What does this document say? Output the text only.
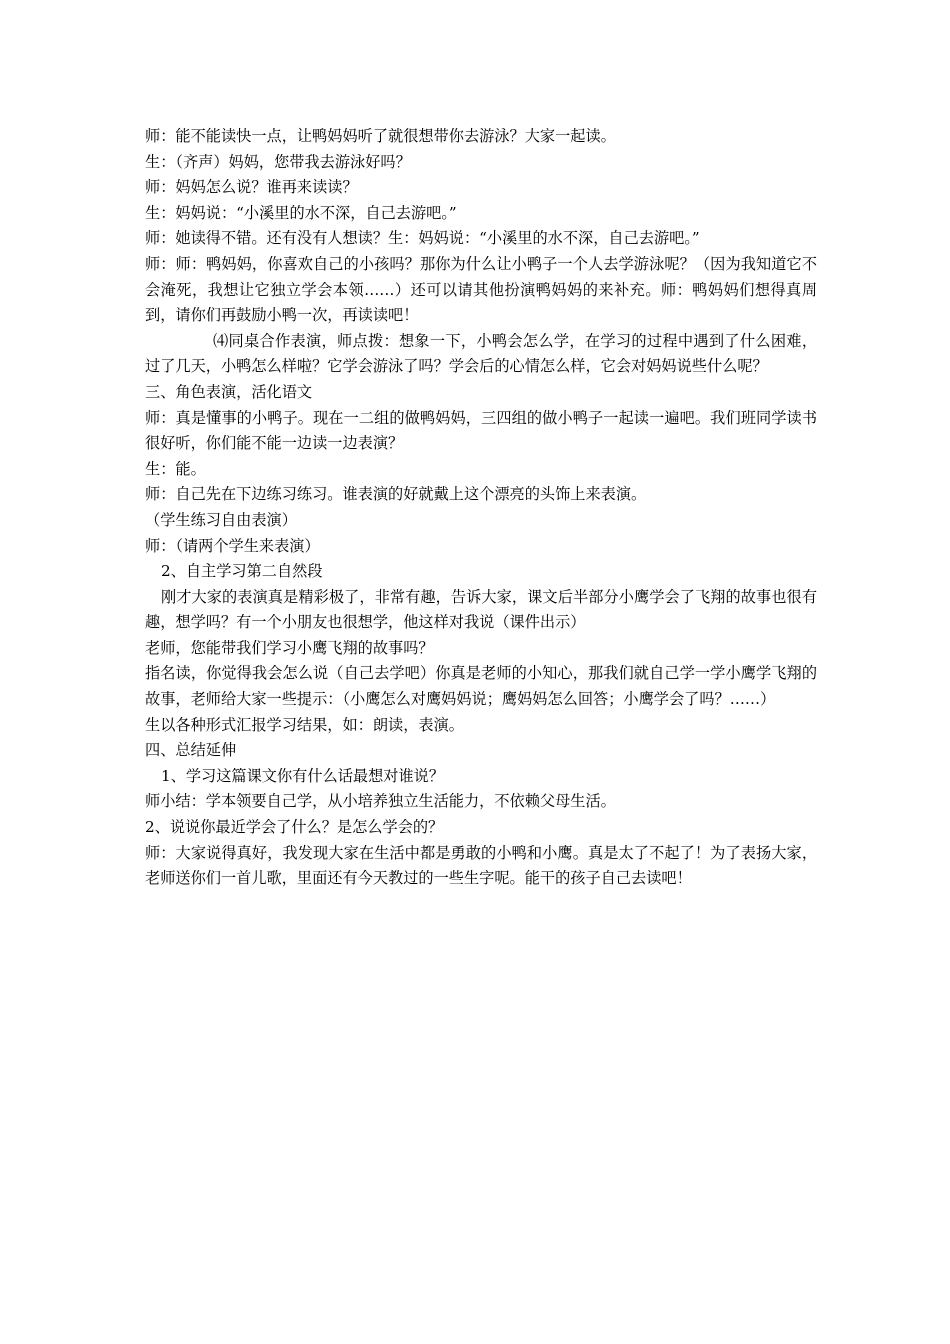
师：能不能读快一点，让鸭妈妈听了就很想带你去游泳？大家一起读。

生：（齐声）妈妈，您带我去游泳好吗？

师：妈妈怎么说？谁再来读读？

生：妈妈说：“小溪里的水不深，自己去游吧。”

师：她读得不错。还有没有人想读？生：妈妈说：“小溪里的水不深，自己去游吧。”

师：师：鸭妈妈，你喜欢自己的小孩吗？那你为什么让小鸭子一个人去学游泳呢？（因为我知道它不会淹死，我想让它独立学会本领……）还可以请其他扮演鸭妈妈的来补充。师：鸭妈妈们想得真周到，请你们再鼓励小鸭一次，再读读吧！

⑷同桌合作表演，师点拨：想象一下，小鸭会怎么学，在学习的过程中遇到了什么困难，过了几天，小鸭怎么样啦？它学会游泳了吗？学会后的心情怎么样，它会对妈妈说些什么呢？

三、角色表演，活化语文

师：真是懂事的小鸭子。现在一二组的做鸭妈妈，三四组的做小鸭子一起读一遍吧。我们班同学读书很好听，你们能不能一边读一边表演？

生：能。

师：自己先在下边练习练习。谁表演的好就戴上这个漂亮的头饰上来表演。

（学生练习自由表演）

师：（请两个学生来表演）

2、自主学习第二自然段

刚才大家的表演真是精彩极了，非常有趣，告诉大家，课文后半部分小鹰学会了飞翔的故事也很有趣，想学吗？有一个小朋友也很想学，他这样对我说（课件出示）

老师，您能带我们学习小鹰飞翔的故事吗？

指名读，你觉得我会怎么说（自己去学吧）你真是老师的小知心，那我们就自己学一学小鹰学飞翔的故事，老师给大家一些提示：（小鹰怎么对鹰妈妈说；鹰妈妈怎么回答；小鹰学会了吗？……）

生以各种形式汇报学习结果，如：朗读，表演。

四、总结延伸

1、学习这篇课文你有什么话最想对谁说？

师小结：学本领要自己学，从小培养独立生活能力，不依赖父母生活。

2、说说你最近学会了什么？是怎么学会的？

师：大家说得真好，我发现大家在生活中都是勇敢的小鸭和小鹰。真是太了不起了！为了表扬大家，老师送你们一首儿歌，里面还有今天教过的一些生字呢。能干的孩子自己去读吧！
